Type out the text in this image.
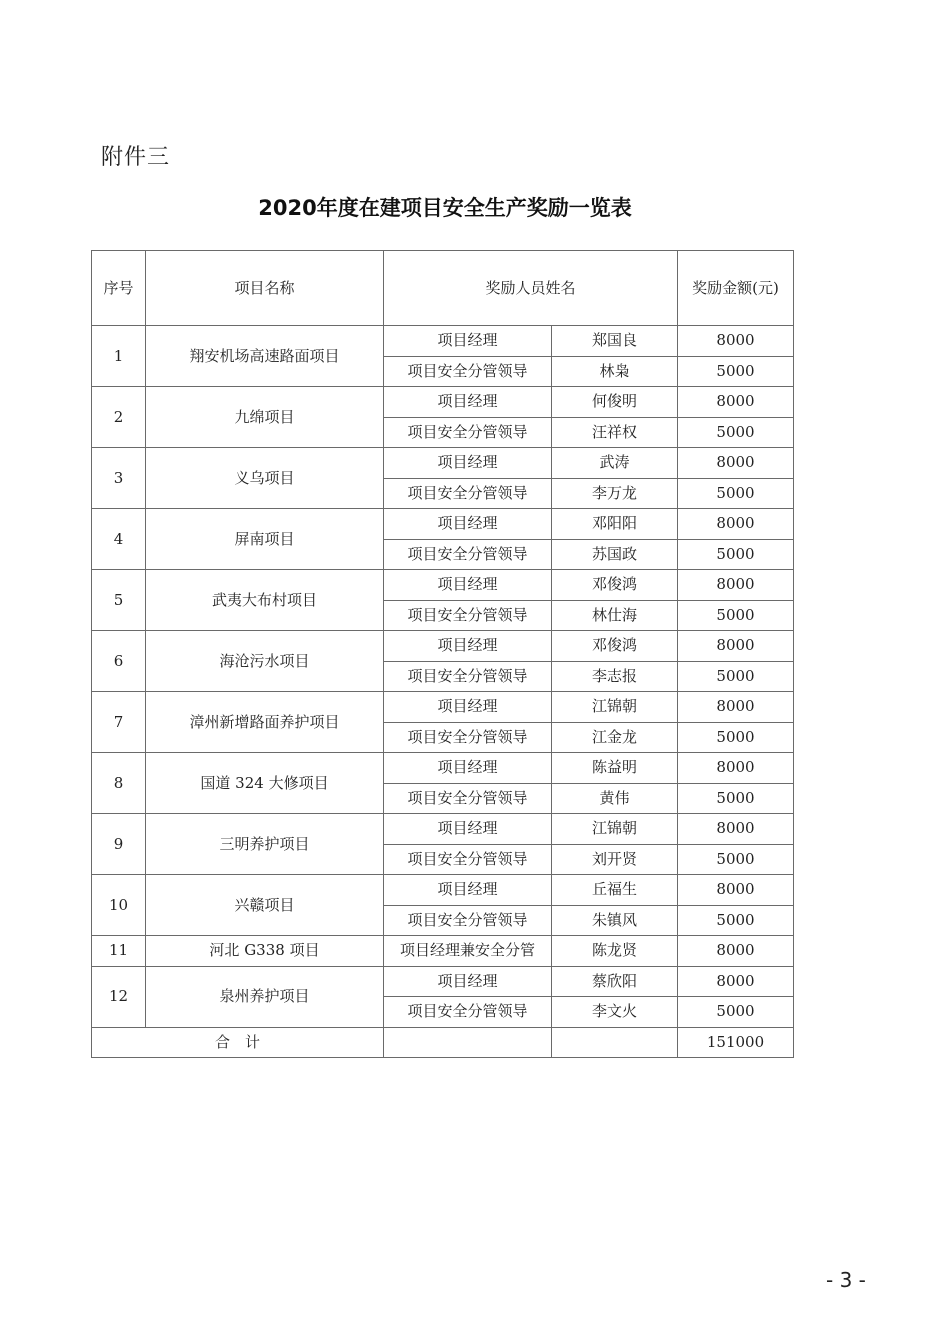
附件三
2020年度在建项目安全生产奖励一览表
序号	项目名称	奖励人员姓名		奖励金额(元)
1	翔安机场高速路面项目	项目经理	郑国良	8000
		项目安全分管领导	林枭	5000
2	九绵项目	项目经理	何俊明	8000
		项目安全分管领导	汪祥权	5000
3	义乌项目	项目经理	武涛	8000
		项目安全分管领导	李万龙	5000
4	屏南项目	项目经理	邓阳阳	8000
		项目安全分管领导	苏国政	5000
5	武夷大布村项目	项目经理	邓俊鸿	8000
		项目安全分管领导	林仕海	5000
6	海沧污水项目	项目经理	邓俊鸿	8000
		项目安全分管领导	李志报	5000
7	漳州新增路面养护项目	项目经理	江锦朝	8000
		项目安全分管领导	江金龙	5000
8	国道 324 大修项目	项目经理	陈益明	8000
		项目安全分管领导	黄伟	5000
9	三明养护项目	项目经理	江锦朝	8000
		项目安全分管领导	刘开贤	5000
10	兴赣项目	项目经理	丘福生	8000
		项目安全分管领导	朱镇风	5000
11	河北 G338 项目	项目经理兼安全分管	陈龙贤	8000
12	泉州养护项目	项目经理	蔡欣阳	8000
		项目安全分管领导	李文火	5000
合　计				151000
- 3 -
